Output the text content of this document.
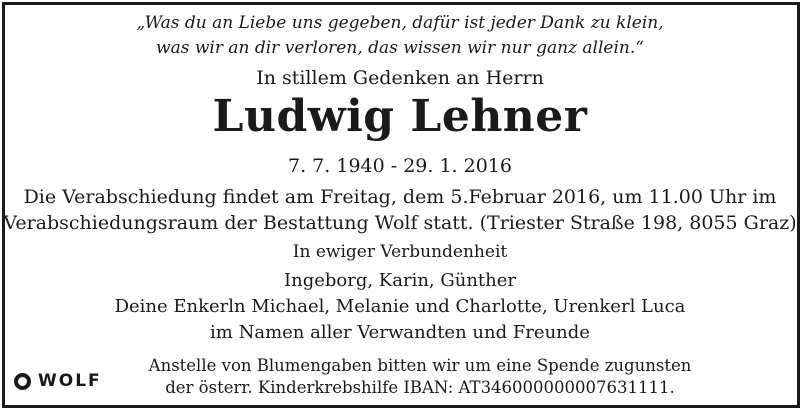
„Was du an Liebe uns gegeben, dafür ist jeder Dank zu klein,
was wir an dir verloren, das wissen wir nur ganz allein.“
In stillem Gedenken an Herrn
Ludwig Lehner
7. 7. 1940 - 29. 1. 2016
Die Verabschiedung findet am Freitag, dem 5.Februar 2016, um 11.00 Uhr im
Verabschiedungsraum der Bestattung Wolf statt. (Triester Straße 198, 8055 Graz)
In ewiger Verbundenheit
Ingeborg, Karin, Günther
Deine Enkerln Michael, Melanie und Charlotte, Urenkerl Luca
im Namen aller Verwandten und Freunde
Anstelle von Blumengaben bitten wir um eine Spende zugunsten
der österr. Kinderkrebshilfe IBAN: AT346000000007631111.
WOLF
